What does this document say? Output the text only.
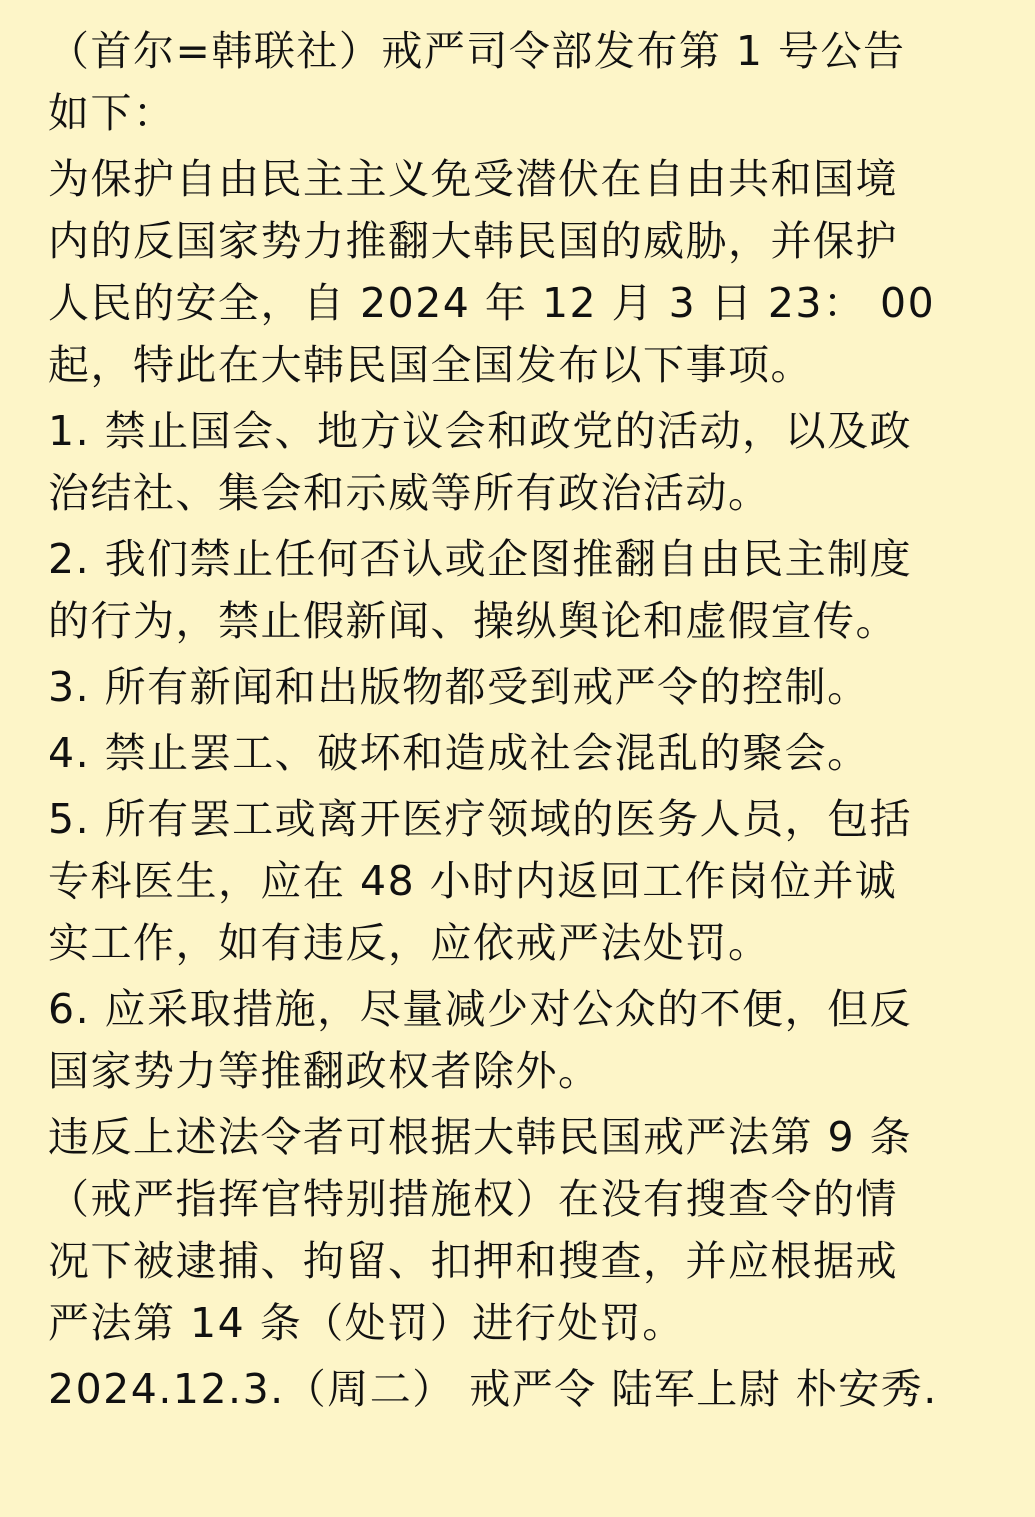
（首尔=韩联社）戒严司令部发布第 1 号公告
如下：
为保护自由民主主义免受潜伏在自由共和国境
内的反国家势力推翻大韩民国的威胁，并保护
人民的安全，自 2024 年 12 月 3 日 23： 00
起，特此在大韩民国全国发布以下事项。
1. 禁止国会、地方议会和政党的活动，以及政
治结社、集会和示威等所有政治活动。
2. 我们禁止任何否认或企图推翻自由民主制度
的行为，禁止假新闻、操纵舆论和虚假宣传。
3. 所有新闻和出版物都受到戒严令的控制。
4. 禁止罢工、破坏和造成社会混乱的聚会。
5. 所有罢工或离开医疗领域的医务人员，包括
专科医生，应在 48 小时内返回工作岗位并诚
实工作，如有违反，应依戒严法处罚。
6. 应采取措施，尽量减少对公众的不便，但反
国家势力等推翻政权者除外。
违反上述法令者可根据大韩民国戒严法第 9 条
（戒严指挥官特别措施权）在没有搜查令的情
况下被逮捕、拘留、扣押和搜查，并应根据戒
严法第 14 条（处罚）进行处罚。
2024.12.3.（周二） 戒严令 陆军上尉 朴安秀.
